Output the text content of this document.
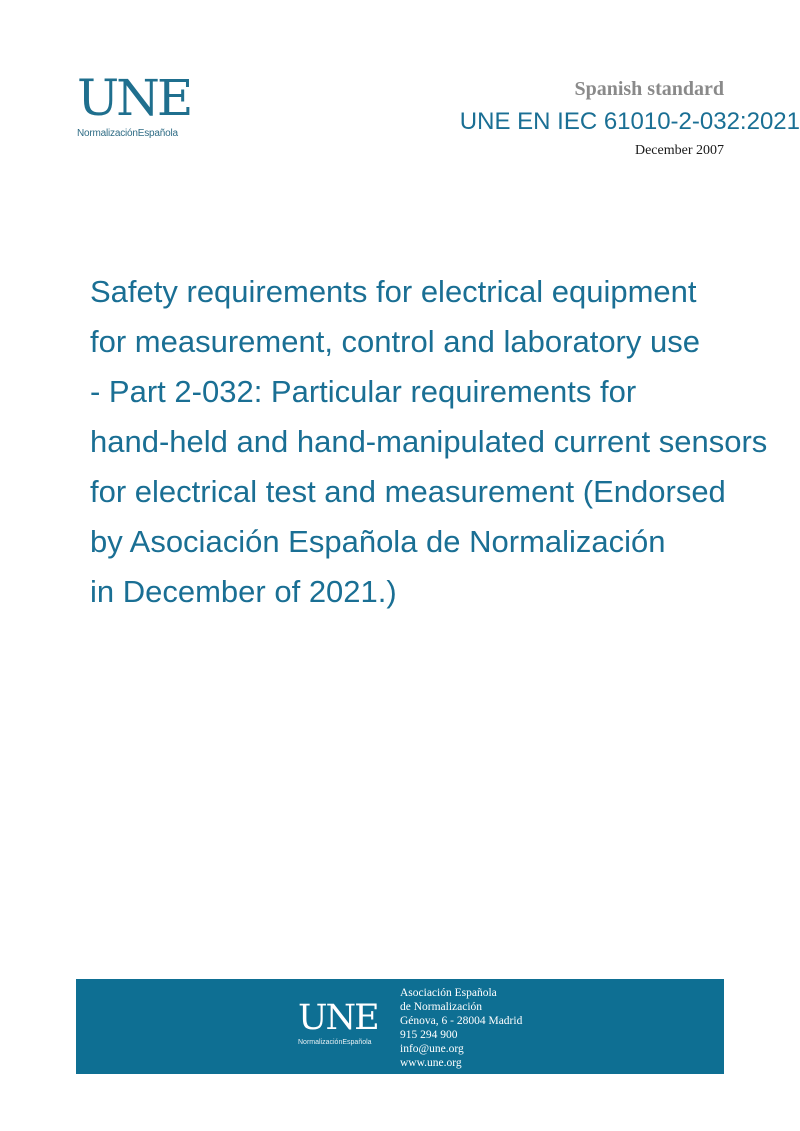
UNE
NormalizaciónEspañola
Spanish standard
UNE EN IEC 61010-2-032:2021
December 2007
Safety requirements for electrical equipment
for measurement, control and laboratory use
- Part 2-032: Particular requirements for
hand-held and hand-manipulated current sensors
for electrical test and measurement (Endorsed
by Asociación Española de Normalización
in December of 2021.)
UNE
NormalizaciónEspañola
Asociación Española
de Normalización
Génova, 6 - 28004 Madrid
915 294 900
info@une.org
www.une.org
